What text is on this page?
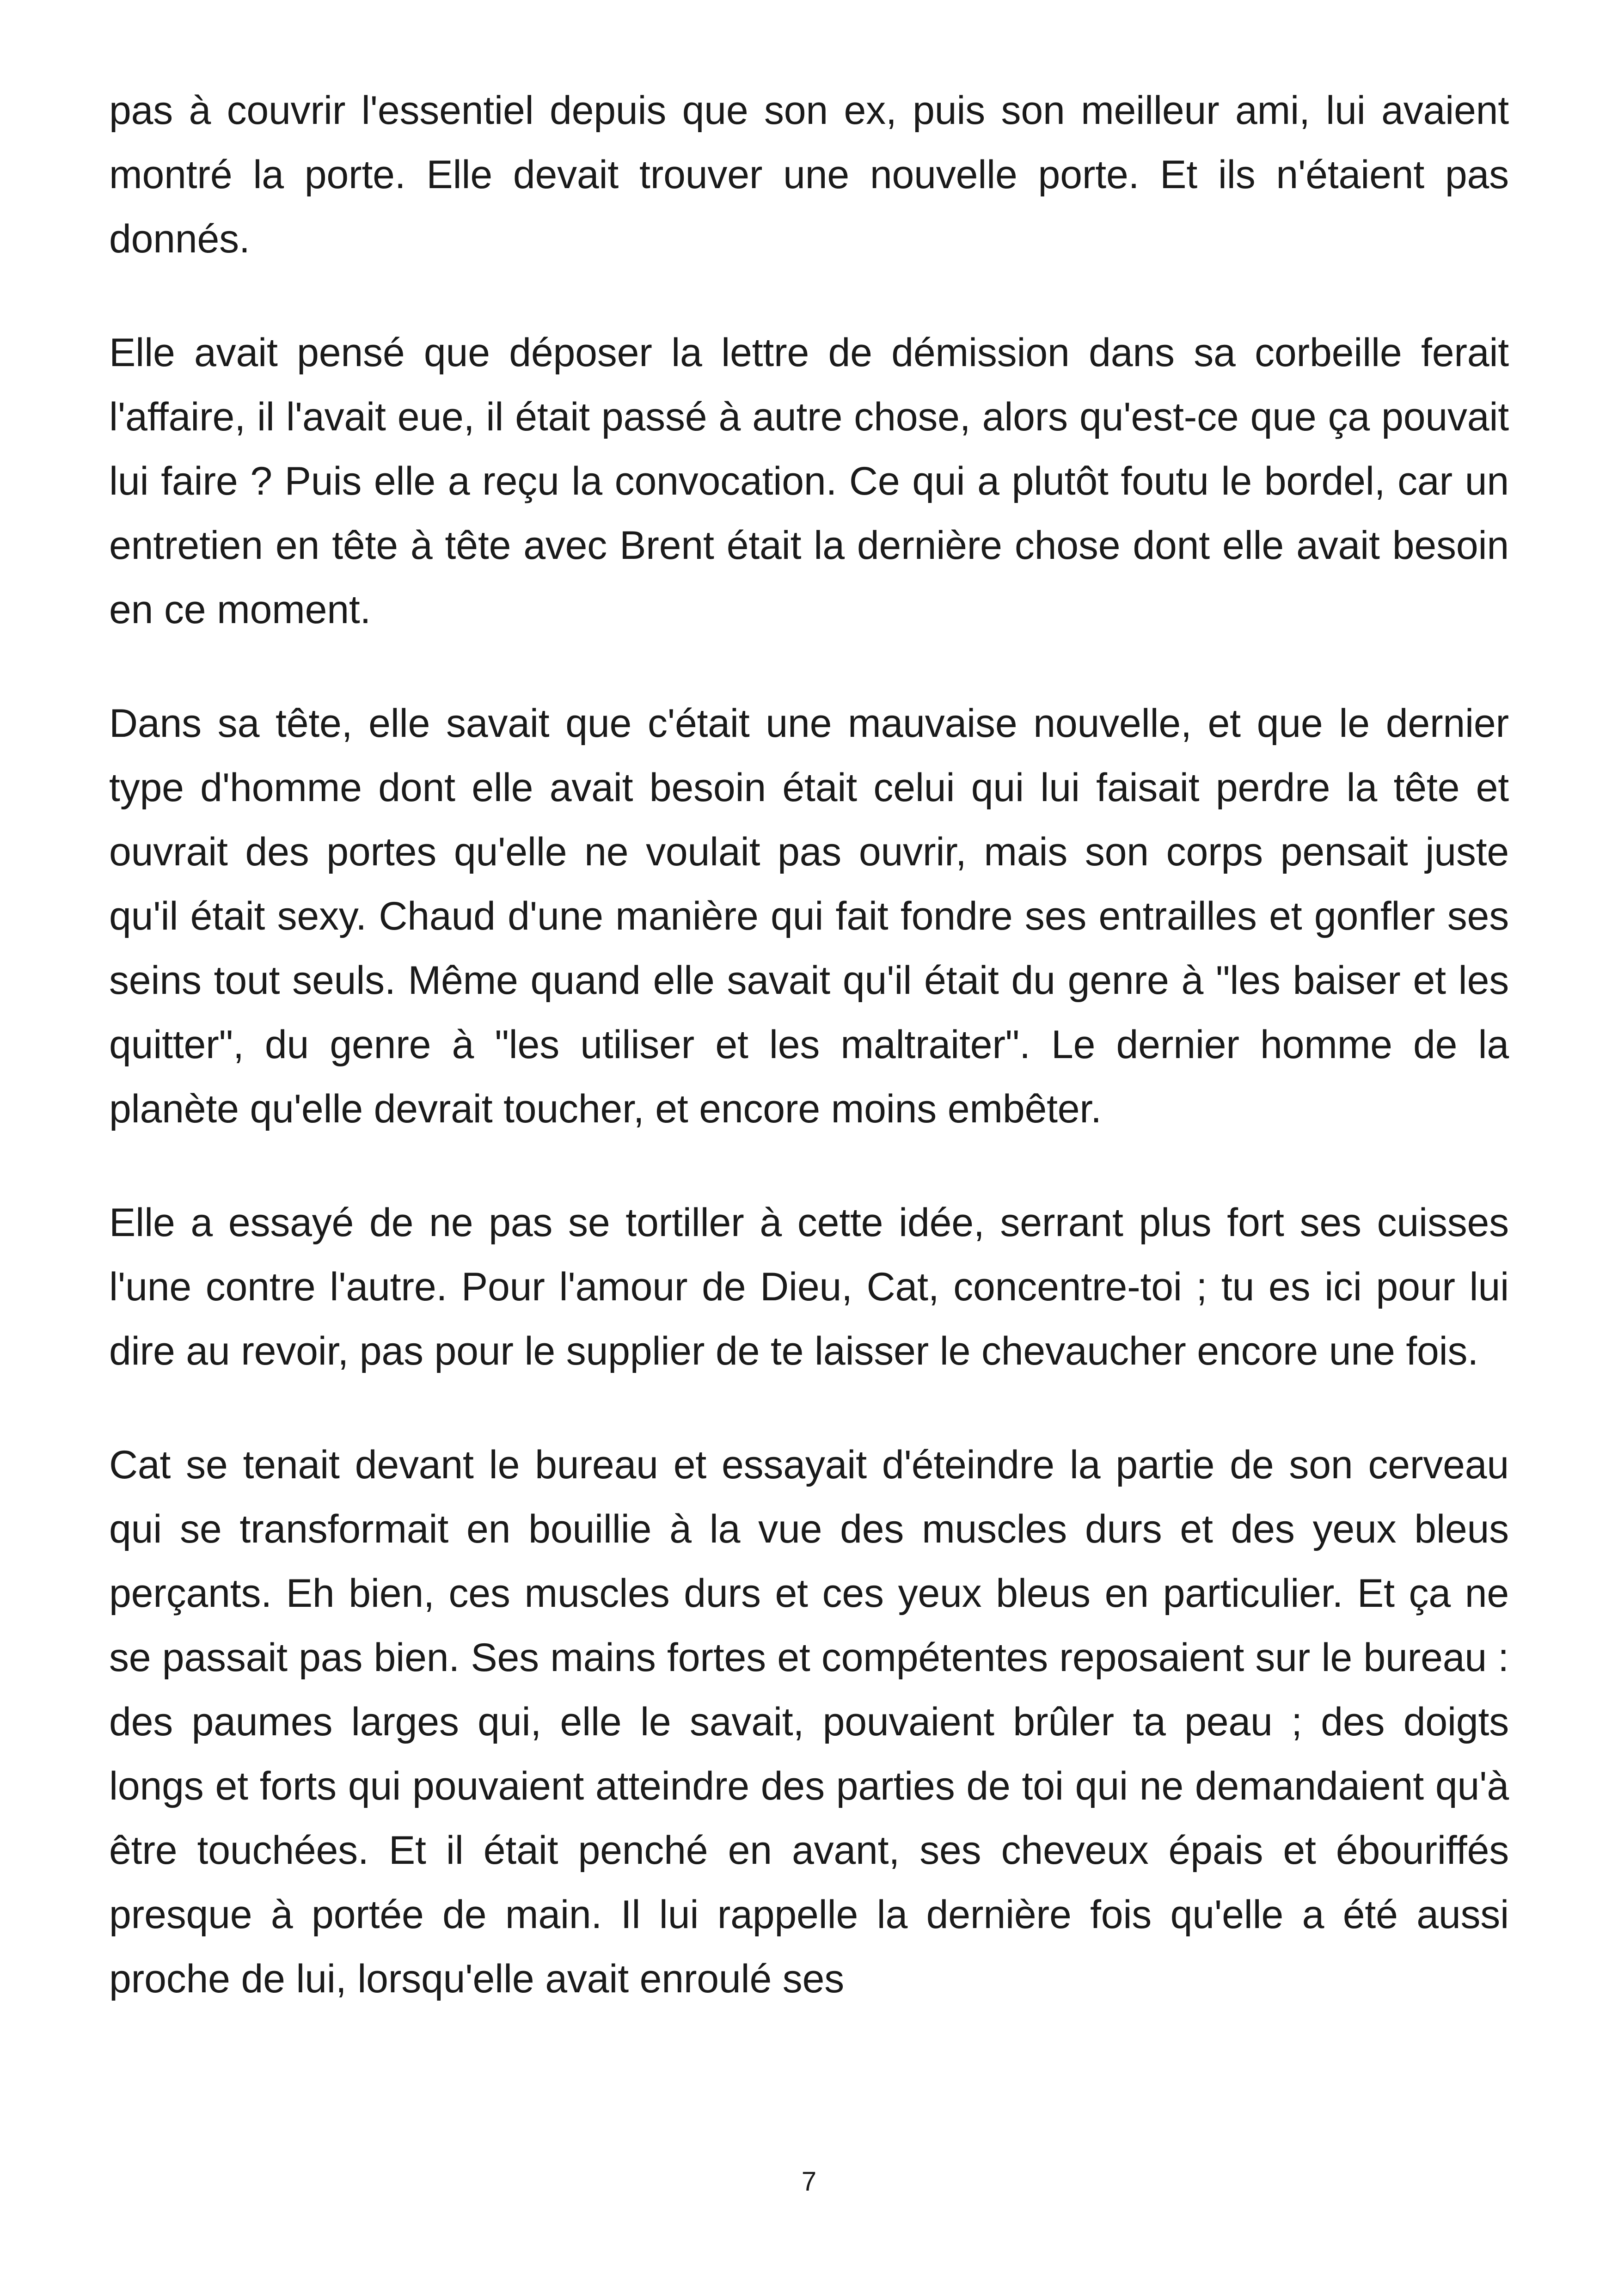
pas à couvrir l'essentiel depuis que son ex, puis son meilleur ami, lui avaient montré la porte. Elle devait trouver une nouvelle porte. Et ils n'étaient pas donnés.

Elle avait pensé que déposer la lettre de démission dans sa corbeille ferait l'affaire, il l'avait eue, il était passé à autre chose, alors qu'est-ce que ça pouvait lui faire ? Puis elle a reçu la convocation. Ce qui a plutôt foutu le bordel, car un entretien en tête à tête avec Brent était la dernière chose dont elle avait besoin en ce moment.

Dans sa tête, elle savait que c'était une mauvaise nouvelle, et que le dernier type d'homme dont elle avait besoin était celui qui lui faisait perdre la tête et ouvrait des portes qu'elle ne voulait pas ouvrir, mais son corps pensait juste qu'il était sexy. Chaud d'une manière qui fait fondre ses entrailles et gonfler ses seins tout seuls. Même quand elle savait qu'il était du genre à "les baiser et les quitter", du genre à "les utiliser et les maltraiter". Le dernier homme de la planète qu'elle devrait toucher, et encore moins embêter.

Elle a essayé de ne pas se tortiller à cette idée, serrant plus fort ses cuisses l'une contre l'autre. Pour l'amour de Dieu, Cat, concentre-toi ; tu es ici pour lui dire au revoir, pas pour le supplier de te laisser le chevaucher encore une fois.

Cat se tenait devant le bureau et essayait d'éteindre la partie de son cerveau qui se transformait en bouillie à la vue des muscles durs et des yeux bleus perçants. Eh bien, ces muscles durs et ces yeux bleus en particulier. Et ça ne se passait pas bien. Ses mains fortes et compétentes reposaient sur le bureau : des paumes larges qui, elle le savait, pouvaient brûler ta peau ; des doigts longs et forts qui pouvaient atteindre des parties de toi qui ne demandaient qu'à être touchées. Et il était penché en avant, ses cheveux épais et ébouriffés presque à portée de main. Il lui rappelle la dernière fois qu'elle a été aussi proche de lui, lorsqu'elle avait enroulé ses

7
